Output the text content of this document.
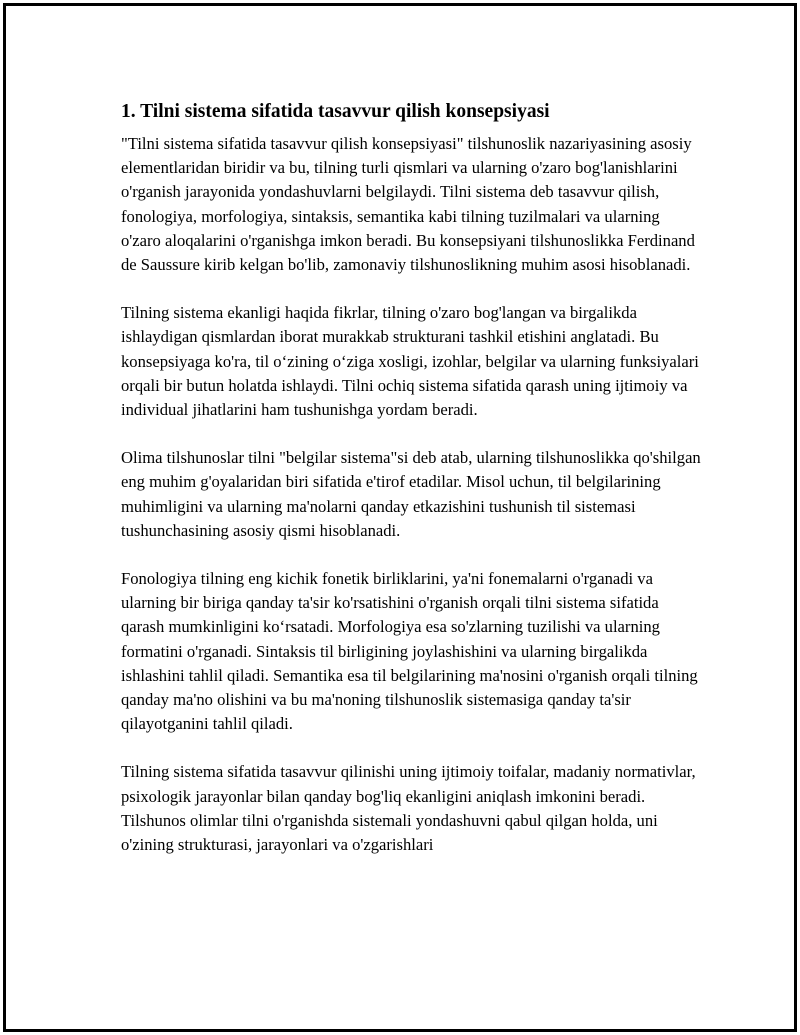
1. Tilni sistema sifatida tasavvur qilish konsepsiyasi

"Tilni sistema sifatida tasavvur qilish konsepsiyasi" tilshunoslik nazariyasining asosiy elementlaridan biridir va bu, tilning turli qismlari va ularning o'zaro bog'lanishlarini o'rganish jarayonida yondashuvlarni belgilaydi. Tilni sistema deb tasavvur qilish, fonologiya, morfologiya, sintaksis, semantika kabi tilning tuzilmalari va ularning o'zaro aloqalarini o'rganishga imkon beradi. Bu konsepsiyani tilshunoslikka Ferdinand de Saussure kirib kelgan bo'lib, zamonaviy tilshunoslikning muhim asosi hisoblanadi.

Tilning sistema ekanligi haqida fikrlar, tilning o'zaro bog'langan va birgalikda ishlaydigan qismlardan iborat murakkab strukturani tashkil etishini anglatadi. Bu konsepsiyaga ko'ra, til o‘zining o‘ziga xosligi, izohlar, belgilar va ularning funksiyalari orqali bir butun holatda ishlaydi. Tilni ochiq sistema sifatida qarash uning ijtimoiy va individual jihatlarini ham tushunishga yordam beradi.

Olima tilshunoslar tilni "belgilar sistema"si deb atab, ularning tilshunoslikka qo'shilgan eng muhim g'oyalaridan biri sifatida e'tirof etadilar. Misol uchun, til belgilarining muhimligini va ularning ma'nolarni qanday etkazishini tushunish til sistemasi tushunchasining asosiy qismi hisoblanadi.

Fonologiya tilning eng kichik fonetik birliklarini, ya'ni fonemalarni o'rganadi va ularning bir biriga qanday ta'sir ko'rsatishini o'rganish orqali tilni sistema sifatida qarash mumkinligini ko‘rsatadi. Morfologiya esa so'zlarning tuzilishi va ularning formatini o'rganadi. Sintaksis til birligining joylashishini va ularning birgalikda ishlashini tahlil qiladi. Semantika esa til belgilarining ma'nosini o'rganish orqali tilning qanday ma'no olishini va bu ma'noning tilshunoslik sistemasiga qanday ta'sir qilayotganini tahlil qiladi.

Tilning sistema sifatida tasavvur qilinishi uning ijtimoiy toifalar, madaniy normativlar, psixologik jarayonlar bilan qanday bog'liq ekanligini aniqlash imkonini beradi. Tilshunos olimlar tilni o'rganishda sistemali yondashuvni qabul qilgan holda, uni o'zining strukturasi, jarayonlari va o'zgarishlari
